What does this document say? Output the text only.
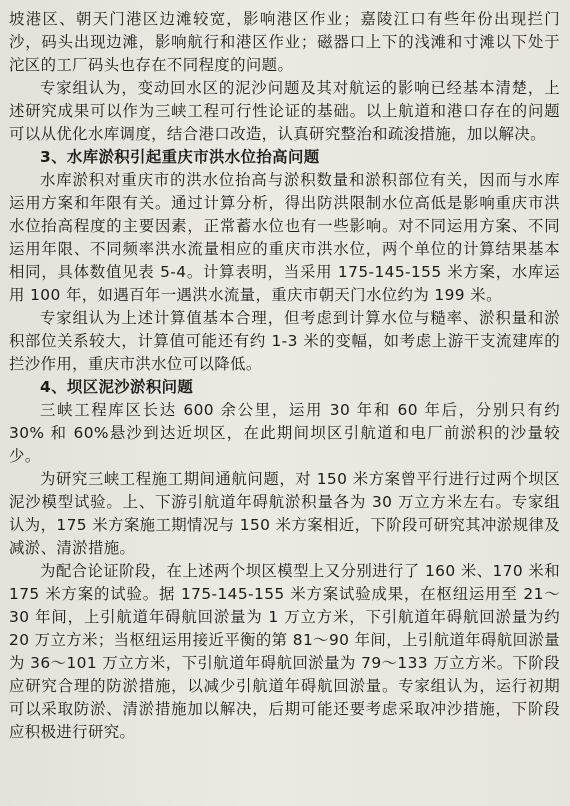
坡港区、朝天门港区边滩较宽，影响港区作业；嘉陵江口有些年份出现拦门沙，码头出现边滩，影响航行和港区作业；磁器口上下的浅滩和寸滩以下处于沱区的工厂码头也存在不同程度的问题。

专家组认为，变动回水区的泥沙问题及其对航运的影响已经基本清楚，上述研究成果可以作为三峡工程可行性论证的基础。以上航道和港口存在的问题可以从优化水库调度，结合港口改造，认真研究整治和疏浚措施，加以解决。

3、水库淤积引起重庆市洪水位抬高问题

水库淤积对重庆市的洪水位抬高与淤积数量和淤积部位有关，因而与水库运用方案和年限有关。通过计算分析，得出防洪限制水位高低是影响重庆市洪水位抬高程度的主要因素，正常蓄水位也有一些影响。对不同运用方案、不同运用年限、不同频率洪水流量相应的重庆市洪水位，两个单位的计算结果基本相同，具体数值见表 5-4。计算表明，当采用 175-145-155 米方案，水库运用 100 年，如遇百年一遇洪水流量，重庆市朝天门水位约为 199 米。

专家组认为上述计算值基本合理，但考虑到计算水位与糙率、淤积量和淤积部位关系较大，计算值可能还有约 1-3 米的变幅，如考虑上游干支流建库的拦沙作用，重庆市洪水位可以降低。

4、坝区泥沙淤积问题

三峡工程库区长达 600 余公里，运用 30 年和 60 年后，分别只有约 30% 和 60%悬沙到达近坝区，在此期间坝区引航道和电厂前淤积的沙量较少。

为研究三峡工程施工期间通航问题，对 150 米方案曾平行进行过两个坝区泥沙模型试验。上、下游引航道年碍航淤积量各为 30 万立方米左右。专家组认为，175 米方案施工期情况与 150 米方案相近，下阶段可研究其冲淤规律及减淤、清淤措施。

为配合论证阶段，在上述两个坝区模型上又分别进行了 160 米、170 米和 175 米方案的试验。据 175-145-155 米方案试验成果，在枢纽运用至 21～30 年间，上引航道年碍航回淤量为 1 万立方米，下引航道年碍航回淤量为约 20 万立方米；当枢纽运用接近平衡的第 81～90 年间，上引航道年碍航回淤量为 36～101 万立方米，下引航道年碍航回淤量为 79～133 万立方米。下阶段应研究合理的防淤措施，以减少引航道年碍航回淤量。专家组认为，运行初期可以采取防淤、清淤措施加以解决，后期可能还要考虑采取冲沙措施，下阶段应积极进行研究。
